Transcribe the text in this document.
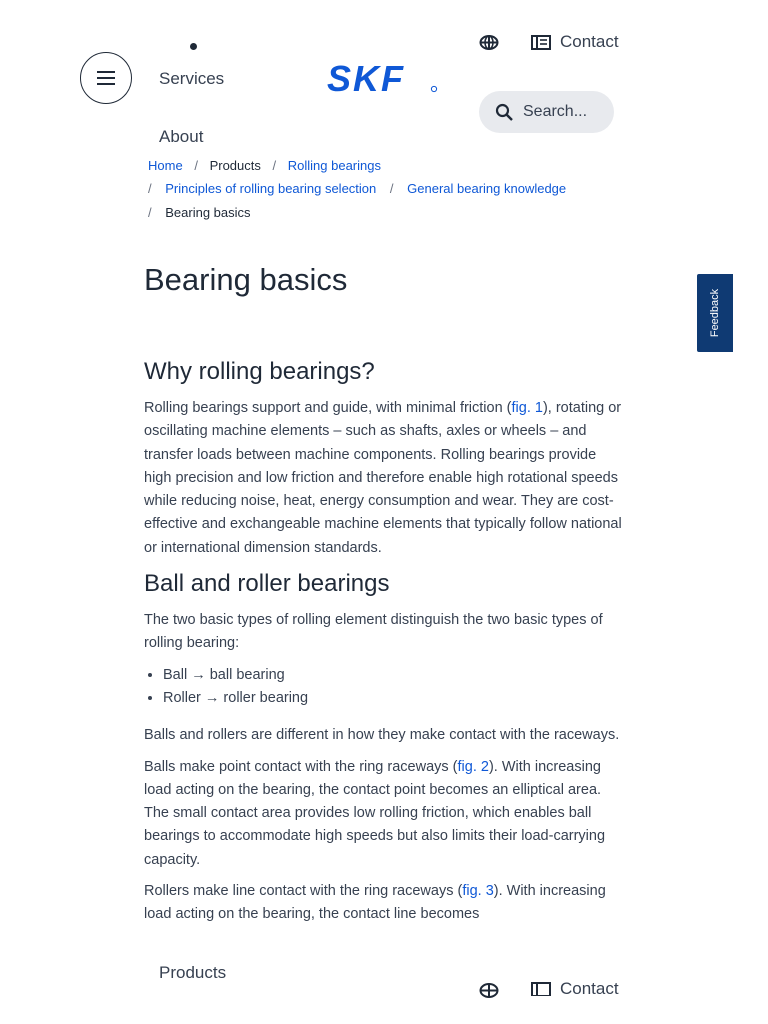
Services
About
SKF
Contact
Search...
Home / Products / Rolling bearings
/ Principles of rolling bearing selection / General bearing knowledge
/ Bearing basics
Bearing basics
Why rolling bearings?

Rolling bearings support and guide, with minimal friction (fig. 1), rotating or oscillating machine elements – such as shafts, axles or wheels – and transfer loads between machine components. Rolling bearings provide high precision and low friction and therefore enable high rotational speeds while reducing noise, heat, energy consumption and wear. They are cost-effective and exchangeable machine elements that typically follow national or international dimension standards.

Ball and roller bearings

The two basic types of rolling element distinguish the two basic types of rolling bearing:

• Ball → ball bearing
• Roller → roller bearing

Balls and rollers are different in how they make contact with the raceways.

Balls make point contact with the ring raceways (fig. 2). With increasing load acting on the bearing, the contact point becomes an elliptical area. The small contact area provides low rolling friction, which enables ball bearings to accommodate high speeds but also limits their load-carrying capacity.

Rollers make line contact with the ring raceways (fig. 3). With increasing load acting on the bearing, the contact line becomes

Feedback
Products
Contact
